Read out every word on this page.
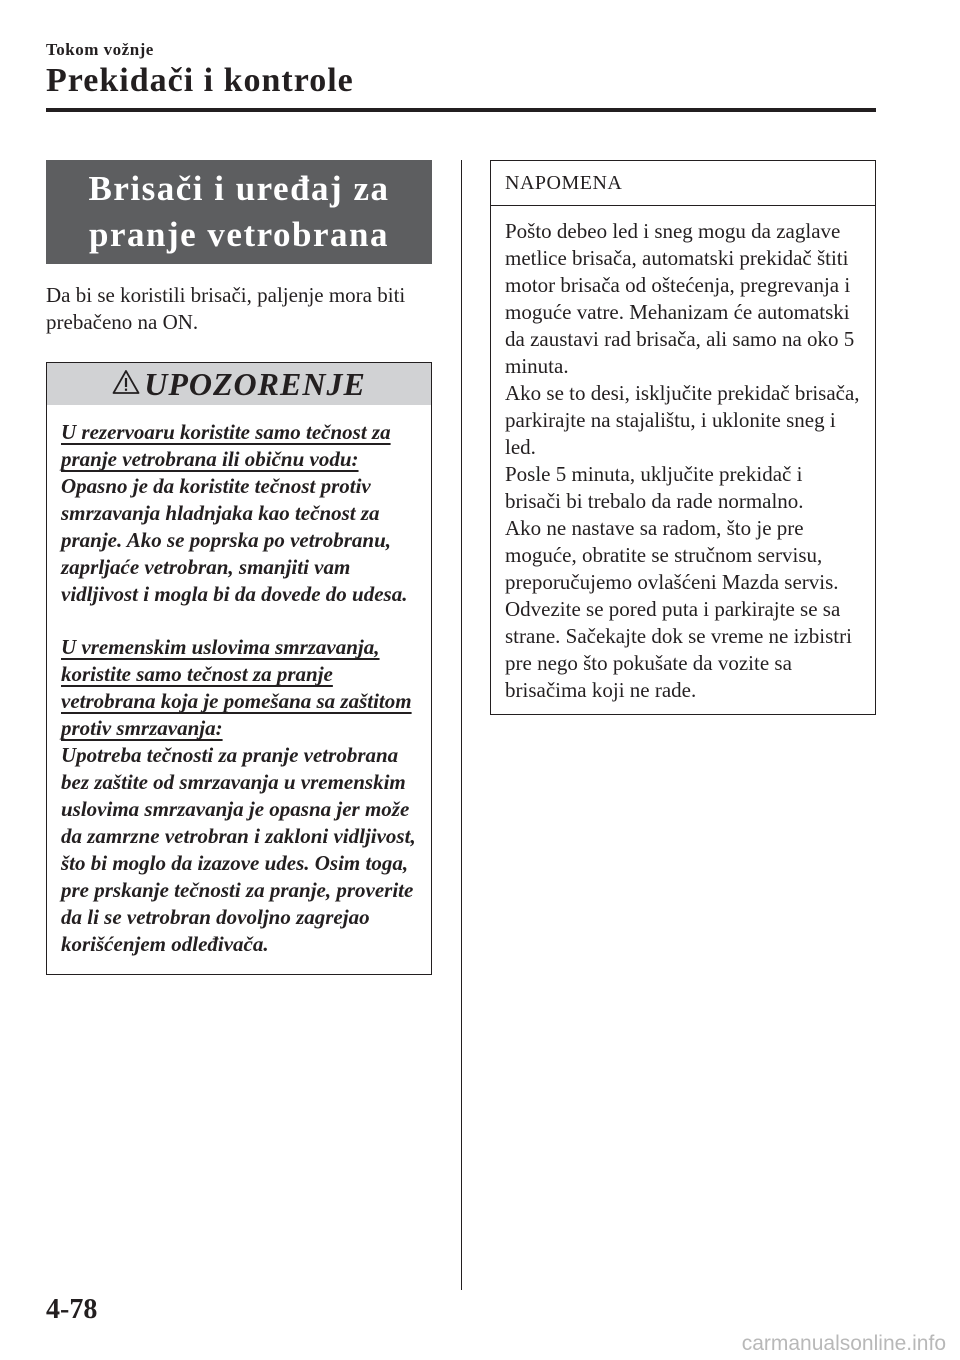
Tokom vožnje
Prekidači i kontrole
Brisači i uređaj za pranje vetrobrana
Da bi se koristili brisači, paljenje mora biti prebačeno na ON.
UPOZORENJE
U rezervoaru koristite samo tečnost za pranje vetrobrana ili običnu vodu:
Opasno je da koristite tečnost protiv smrzavanja hladnjaka kao tečnost za pranje. Ako se poprska po vetrobranu, zaprljaće vetrobran, smanjiti vam vidljivost i mogla bi da dovede do udesa.
U vremenskim uslovima smrzavanja, koristite samo tečnost za pranje vetrobrana koja je pomešana sa zaštitom protiv smrzavanja:
Upotreba tečnosti za pranje vetrobrana bez zaštite od smrzavanja u vremenskim uslovima smrzavanja je opasna jer može da zamrzne vetrobran i zakloni vidljivost, što bi moglo da izazove udes. Osim toga, pre prskanje tečnosti za pranje, proverite da li se vetrobran dovoljno zagrejao korišćenjem odleđivača.
NAPOMENA
Pošto debeo led i sneg mogu da zaglave metlice brisača, automatski prekidač štiti motor brisača od oštećenja, pregrevanja i moguće vatre. Mehanizam će automatski da zaustavi rad brisača, ali samo na oko 5 minuta.
Ako se to desi, isključite prekidač brisača, parkirajte na stajalištu, i uklonite sneg i led.
Posle 5 minuta, uključite prekidač i brisači bi trebalo da rade normalno.
Ako ne nastave sa radom, što je pre moguće, obratite se stručnom servisu, preporučujemo ovlašćeni Mazda servis.
Odvezite se pored puta i parkirajte se sa strane. Sačekajte dok se vreme ne izbistri pre nego što pokušate da vozite sa brisačima koji ne rade.
4-78
carmanualsonline.info
